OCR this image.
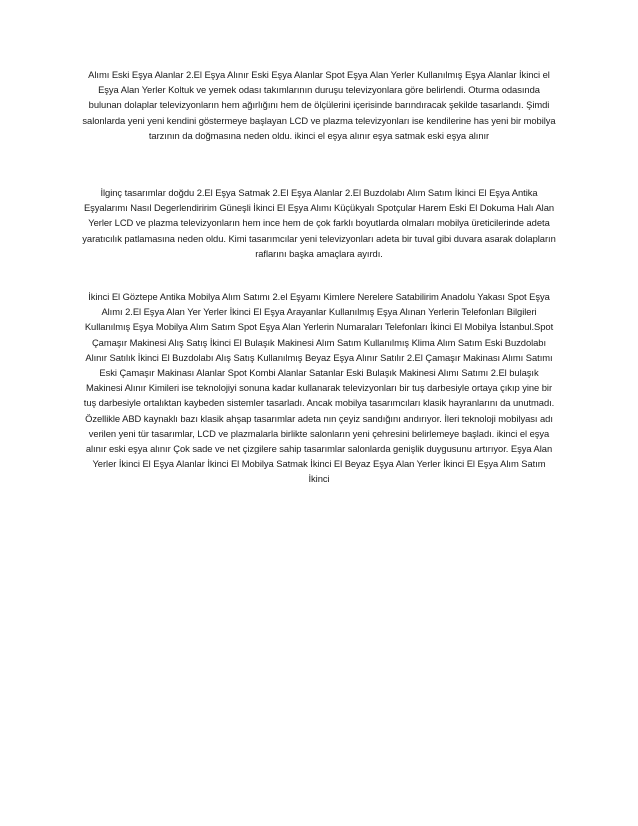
Alımı Eski Eşya Alanlar 2.El Eşya Alınır Eski Eşya Alanlar Spot Eşya Alan Yerler Kullanılmış Eşya Alanlar İkinci el Eşya Alan Yerler Koltuk ve yemek odası takımlarının duruşu televizyonlara göre belirlendi. Oturma odasında bulunan dolaplar televizyonların hem ağırlığını hem de ölçülerini içerisinde barındıracak şekilde tasarlandı. Şimdi salonlarda yeni yeni kendini göstermeye başlayan LCD ve plazma televizyonları ise kendilerine has yeni bir mobilya tarzının da doğmasına neden oldu. ikinci el eşya alınır eşya satmak eski eşya alınır

İlginç tasarımlar doğdu 2.El Eşya Satmak 2.El Eşya Alanlar 2.El Buzdolabı Alım Satım İkinci El Eşya Antika Eşyalarımı Nasıl Degerlendiririm Güneşli İkinci El Eşya Alımı Küçükyalı Spotçular Harem Eski El Dokuma Halı Alan Yerler LCD ve plazma televizyonların hem ince hem de çok farklı boyutlarda olmaları mobilya üreticilerinde adeta yaratıcılık patlamasına neden oldu. Kimi tasarımcılar yeni televizyonları adeta bir tuval gibi duvara asarak dolapların raflarını başka amaçlara ayırdı.

İkinci El Göztepe Antika Mobilya Alım Satımı 2.el Eşyamı Kimlere Nerelere Satabilirim Anadolu Yakası Spot Eşya Alımı 2.El Eşya Alan Yer Yerler İkinci El Eşya Arayanlar Kullanılmış Eşya Alınan Yerlerin Telefonları Bilgileri Kullanılmış Eşya Mobilya Alım Satım Spot Eşya Alan Yerlerin Numaraları Telefonları İkinci El Mobilya İstanbul.Spot Çamaşır Makinesi Alış Satış İkinci El Bulaşık Makinesi Alım Satım Kullanılmış Klima Alım Satım Eski Buzdolabı Alınır Satılık İkinci El Buzdolabı Alış Satış Kullanılmış Beyaz Eşya Alınır Satılır 2.El Çamaşır Makinası Alımı Satımı Eski Çamaşır Makinası Alanlar Spot Kombi Alanlar Satanlar Eski Bulaşık Makinesi Alımı Satımı 2.El bulaşık Makinesi Alınır Kimileri ise teknolojiyi sonuna kadar kullanarak televizyonları bir tuş darbesiyle ortaya çıkıp yine bir tuş darbesiyle ortalıktan kaybeden sistemler tasarladı. Ancak mobilya tasarımcıları klasik hayranlarını da unutmadı. Özellikle ABD kaynaklı bazı klasik ahşap tasarımlar adeta nın çeyiz sandığını andırıyor. İleri teknoloji mobilyası adı verilen yeni tür tasarımlar, LCD ve plazmalarla birlikte salonların yeni çehresini belirlemeye başladı. ikinci el eşya alınır eski eşya alınır Çok sade ve net çizgilere sahip tasarımlar salonlarda genişlik duygusunu artırıyor. Eşya Alan Yerler İkinci El Eşya Alanlar İkinci El Mobilya Satmak İkinci El Beyaz Eşya Alan Yerler İkinci El Eşya Alım Satım İkinci
